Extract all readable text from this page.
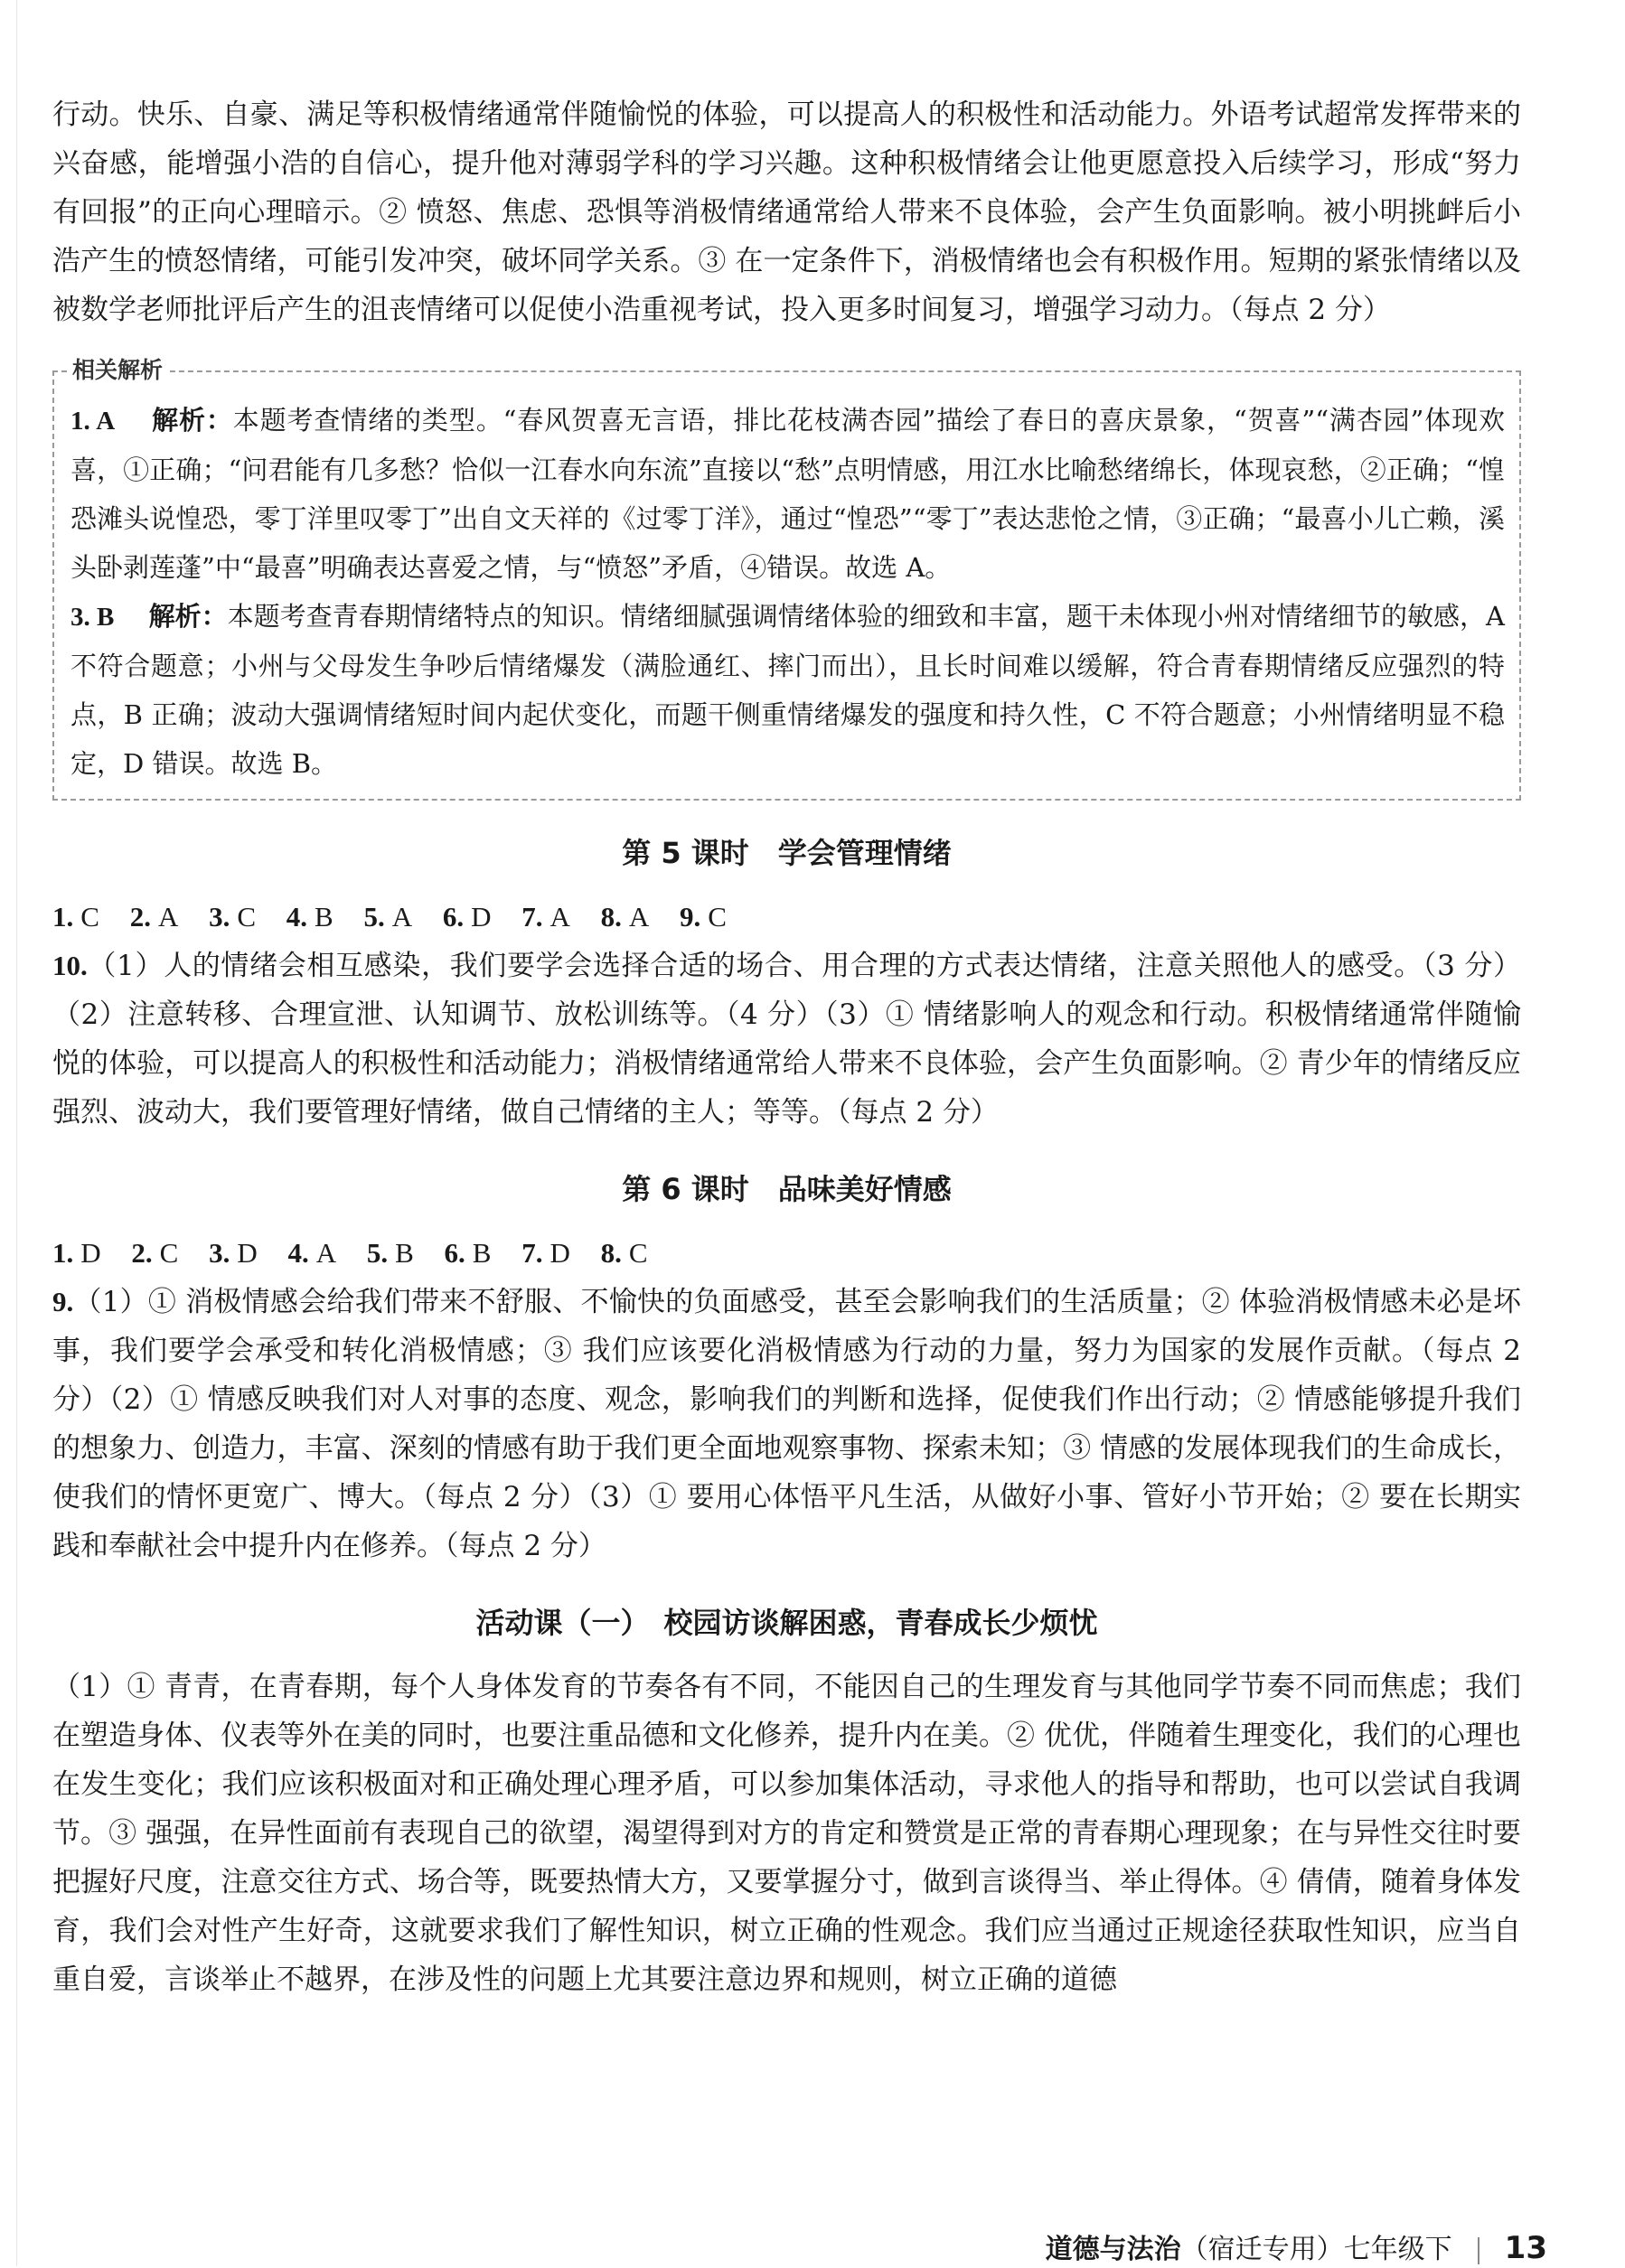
行动。快乐、自豪、满足等积极情绪通常伴随愉悦的体验，可以提高人的积极性和活动能力。外语考试超常发挥带来的兴奋感，能增强小浩的自信心，提升他对薄弱学科的学习兴趣。这种积极情绪会让他更愿意投入后续学习，形成“努力有回报”的正向心理暗示。② 愤怒、焦虑、恐惧等消极情绪通常给人带来不良体验，会产生负面影响。被小明挑衅后小浩产生的愤怒情绪，可能引发冲突，破坏同学关系。③ 在一定条件下，消极情绪也会有积极作用。短期的紧张情绪以及被数学老师批评后产生的沮丧情绪可以促使小浩重视考试，投入更多时间复习，增强学习动力。（每点 2 分）

相关解析

1. A　 解析：本题考查情绪的类型。“春风贺喜无言语，排比花枝满杏园”描绘了春日的喜庆景象，“贺喜”“满杏园”体现欢喜，①正确；“问君能有几多愁？恰似一江春水向东流”直接以“愁”点明情感，用江水比喻愁绪绵长，体现哀愁，②正确；“惶恐滩头说惶恐，零丁洋里叹零丁”出自文天祥的《过零丁洋》，通过“惶恐”“零丁”表达悲怆之情，③正确；“最喜小儿亡赖，溪头卧剥莲蓬”中“最喜”明确表达喜爱之情，与“愤怒”矛盾，④错误。故选 A。

3. B　 解析：本题考查青春期情绪特点的知识。情绪细腻强调情绪体验的细致和丰富，题干未体现小州对情绪细节的敏感，A 不符合题意；小州与父母发生争吵后情绪爆发（满脸通红、摔门而出），且长时间难以缓解，符合青春期情绪反应强烈的特点，B 正确；波动大强调情绪短时间内起伏变化，而题干侧重情绪爆发的强度和持久性，C 不符合题意；小州情绪明显不稳定，D 错误。故选 B。

第 5 课时　学会管理情绪

1. C 2. A 3. C 4. B 5. A 6. D 7. A 8. A 9. C

10.（1）人的情绪会相互感染，我们要学会选择合适的场合、用合理的方式表达情绪，注意关照他人的感受。（3 分）（2）注意转移、合理宣泄、认知调节、放松训练等。（4 分）（3）① 情绪影响人的观念和行动。积极情绪通常伴随愉悦的体验，可以提高人的积极性和活动能力；消极情绪通常给人带来不良体验，会产生负面影响。② 青少年的情绪反应强烈、波动大，我们要管理好情绪，做自己情绪的主人；等等。（每点 2 分）

第 6 课时　品味美好情感

1. D 2. C 3. D 4. A 5. B 6. B 7. D 8. C

9.（1）① 消极情感会给我们带来不舒服、不愉快的负面感受，甚至会影响我们的生活质量；② 体验消极情感未必是坏事，我们要学会承受和转化消极情感；③ 我们应该要化消极情感为行动的力量，努力为国家的发展作贡献。（每点 2 分）（2）① 情感反映我们对人对事的态度、观念，影响我们的判断和选择，促使我们作出行动；② 情感能够提升我们的想象力、创造力，丰富、深刻的情感有助于我们更全面地观察事物、探索未知；③ 情感的发展体现我们的生命成长，使我们的情怀更宽广、博大。（每点 2 分）（3）① 要用心体悟平凡生活，从做好小事、管好小节开始；② 要在长期实践和奉献社会中提升内在修养。（每点 2 分）

活动课（一）　校园访谈解困惑，青春成长少烦忧

（1）① 青青，在青春期，每个人身体发育的节奏各有不同，不能因自己的生理发育与其他同学节奏不同而焦虑；我们在塑造身体、仪表等外在美的同时，也要注重品德和文化修养，提升内在美。② 优优，伴随着生理变化，我们的心理也在发生变化；我们应该积极面对和正确处理心理矛盾，可以参加集体活动，寻求他人的指导和帮助，也可以尝试自我调节。③ 强强，在异性面前有表现自己的欲望，渴望得到对方的肯定和赞赏是正常的青春期心理现象；在与异性交往时要把握好尺度，注意交往方式、场合等，既要热情大方，又要掌握分寸，做到言谈得当、举止得体。④ 倩倩，随着身体发育，我们会对性产生好奇，这就要求我们了解性知识，树立正确的性观念。我们应当通过正规途径获取性知识，应当自重自爱，言谈举止不越界，在涉及性的问题上尤其要注意边界和规则，树立正确的道德

道德与法治（宿迁专用）七年级下 13
